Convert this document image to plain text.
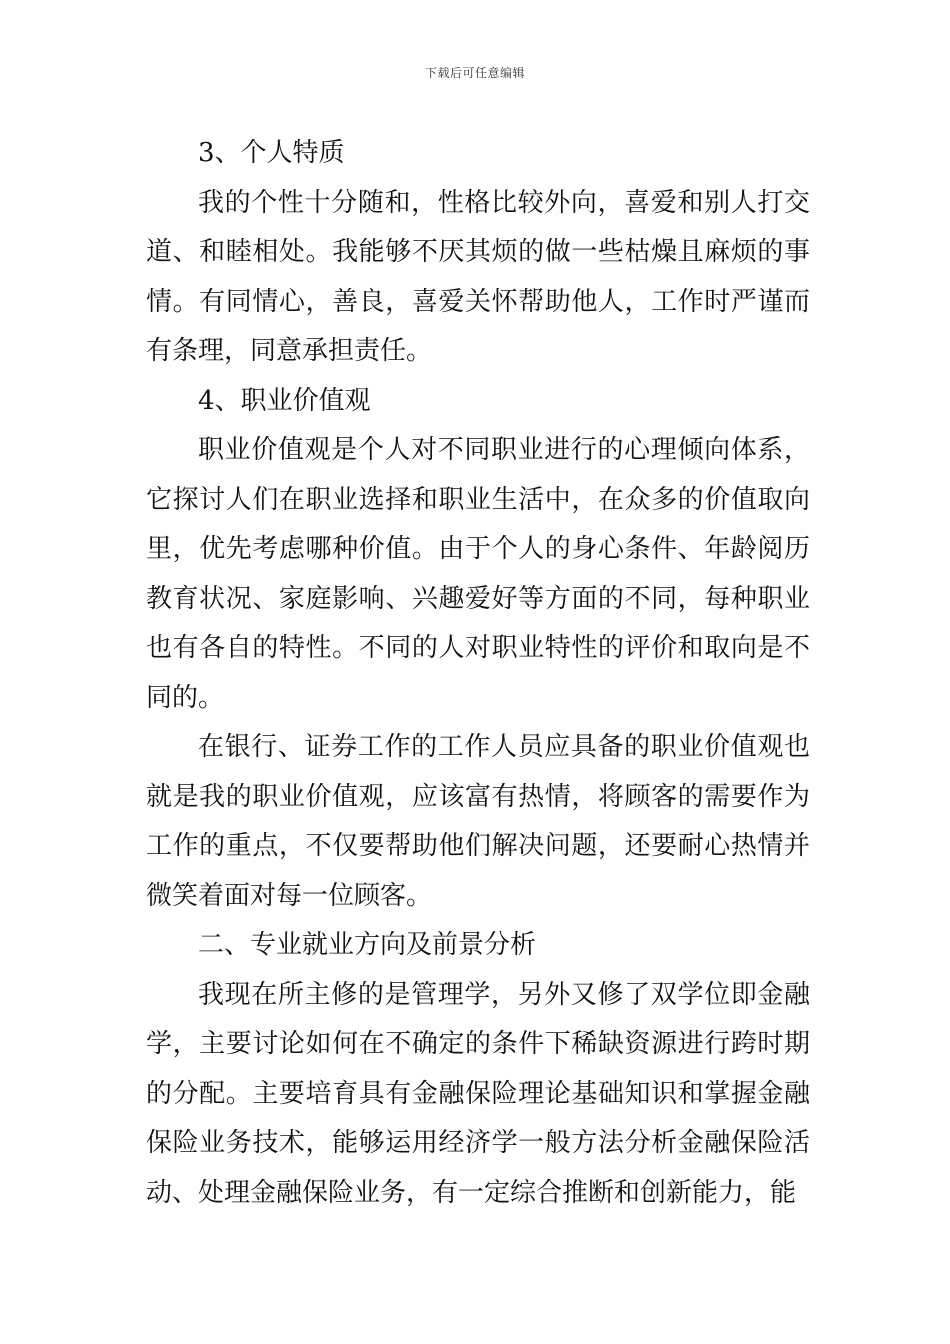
下载后可任意编辑

3、个人特质

我的个性十分随和，性格比较外向，喜爱和别人打交道、和睦相处。我能够不厌其烦的做一些枯燥且麻烦的事情。有同情心，善良，喜爱关怀帮助他人，工作时严谨而有条理，同意承担责任。

4、职业价值观

职业价值观是个人对不同职业进行的心理倾向体系，它探讨人们在职业选择和职业生活中，在众多的价值取向里，优先考虑哪种价值。由于个人的身心条件、年龄阅历教育状况、家庭影响、兴趣爱好等方面的不同，每种职业也有各自的特性。不同的人对职业特性的评价和取向是不同的。

在银行、证券工作的工作人员应具备的职业价值观也就是我的职业价值观，应该富有热情，将顾客的需要作为工作的重点，不仅要帮助他们解决问题，还要耐心热情并微笑着面对每一位顾客。

二、专业就业方向及前景分析

我现在所主修的是管理学，另外又修了双学位即金融学，主要讨论如何在不确定的条件下稀缺资源进行跨时期的分配。主要培育具有金融保险理论基础知识和掌握金融保险业务技术，能够运用经济学一般方法分析金融保险活动、处理金融保险业务，有一定综合推断和创新能力，能
